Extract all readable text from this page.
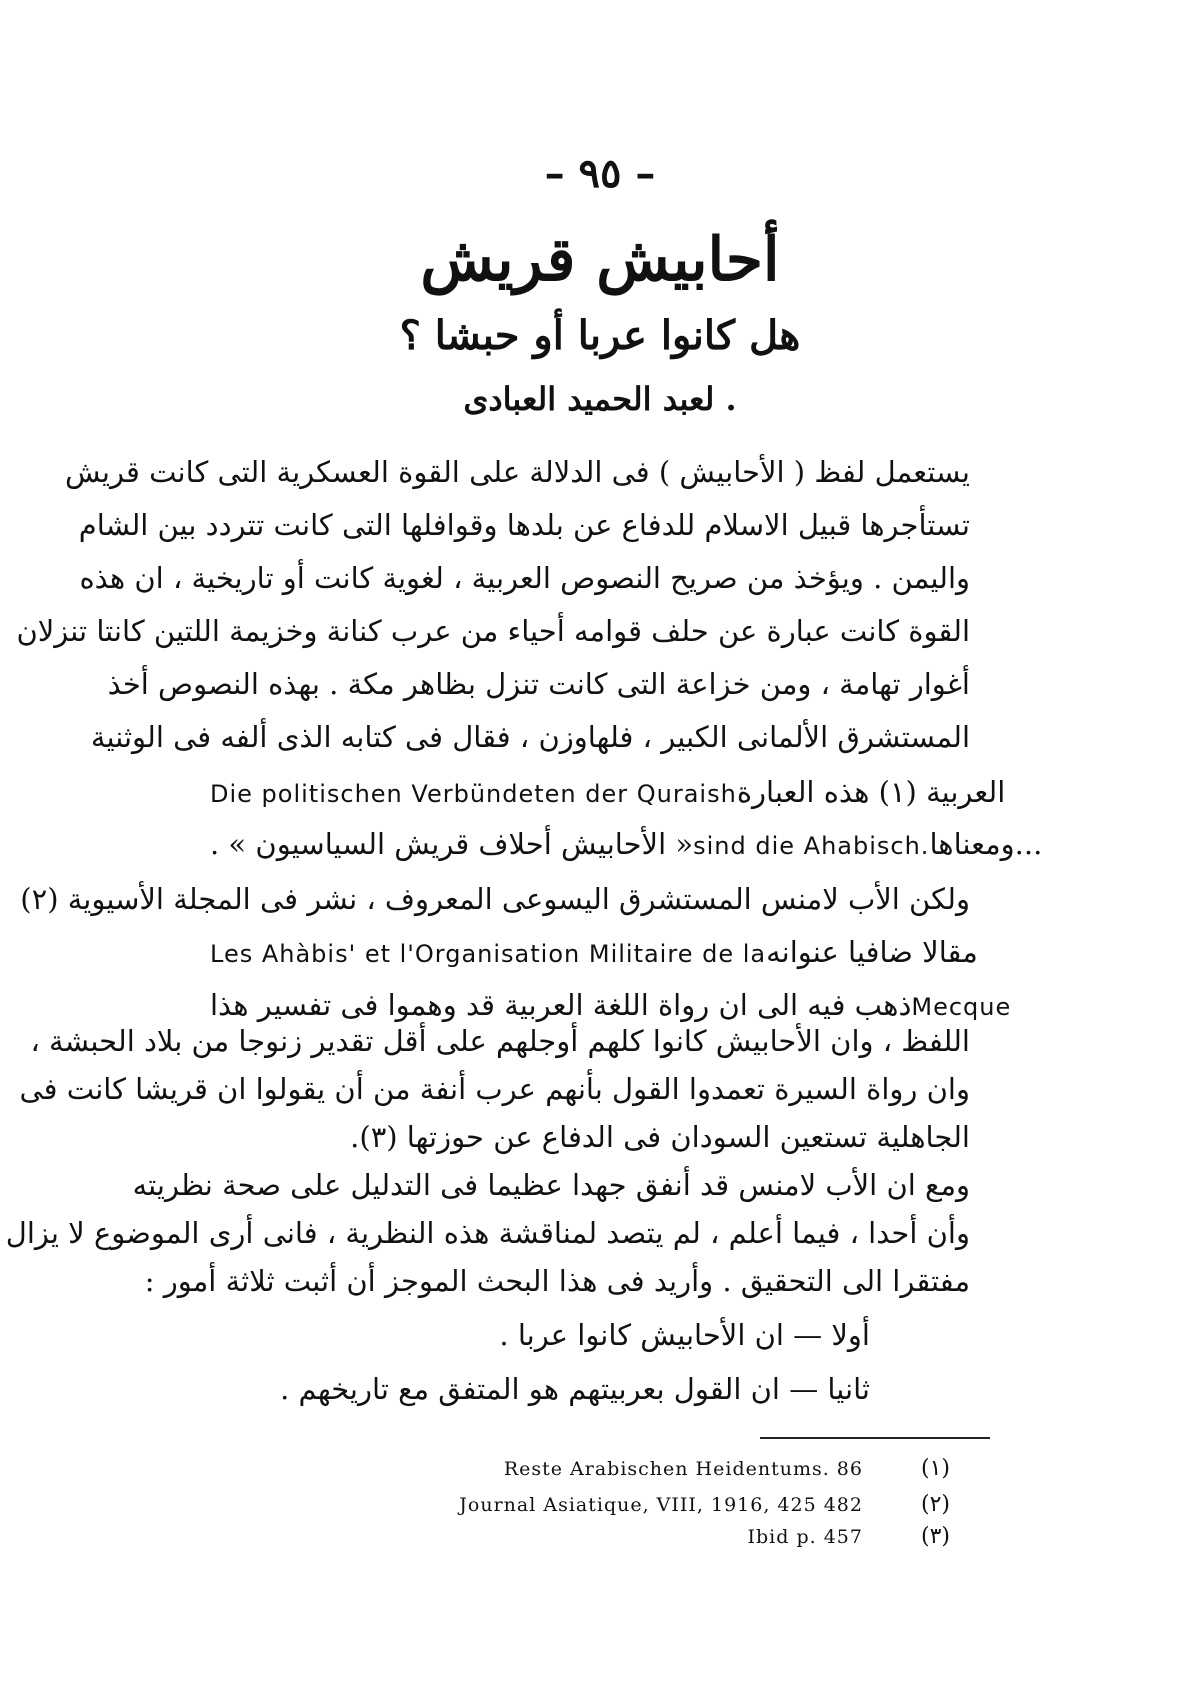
– ٩٥ –
أحابيش قريش
هل كانوا عربا أو حبشا ؟
. لعبد الحميد العبادى
يستعمل لفظ ( الأحابيش ) فى الدلالة على القوة العسكرية التى كانت قريش
تستأجرها قبيل الاسلام للدفاع عن بلدها وقوافلها التى كانت تتردد بين الشام
واليمن . ويؤخذ من صريح النصوص العربية ، لغوية كانت أو تاريخية ، ان هذه
القوة كانت عبارة عن حلف قوامه أحياء من عرب كنانة وخزيمة اللتين كانتا تنزلان
أغوار تهامة ، ومن خزاعة التى كانت تنزل بظاهر مكة . بهذه النصوص أخذ
المستشرق الألمانى الكبير ، فلهاوزن ، فقال فى كتابه الذى ألفه فى الوثنية
Die politischen Verbündeten der Quraish العربية (١) هذه العبارة
« الأحابيش أحلاف قريش السياسيون » . sind die Ahabisch. ...ومعناها
ولكن الأب لامنس المستشرق اليسوعى المعروف ، نشر فى المجلة الأسيوية (٢)
Les Ahàbis' et l'Organisation Militaire de la مقالا ضافيا عنوانه
ذهب فيه الى ان رواة اللغة العربية قد وهموا فى تفسير هذا Mecque
اللفظ ، وان الأحابيش كانوا كلهم أوجلهم على أقل تقدير زنوجا من بلاد الحبشة ،
وان رواة السيرة تعمدوا القول بأنهم عرب أنفة من أن يقولوا ان قريشا كانت فى
الجاهلية تستعين السودان فى الدفاع عن حوزتها (٣).
ومع ان الأب لامنس قد أنفق جهدا عظيما فى التدليل على صحة نظريته
وأن أحدا ، فيما أعلم ، لم يتصد لمناقشة هذه النظرية ، فانى أرى الموضوع لا يزال
مفتقرا الى التحقيق . وأريد فى هذا البحث الموجز أن أثبت ثلاثة أمور :
أولا — ان الأحابيش كانوا عربا .
ثانيا — ان القول بعربيتهم هو المتفق مع تاريخهم .
Reste Arabischen Heidentums. 86	(١)
Journal Asiatique, VIII, 1916, 425 482	(٢)
Ibid p. 457	(٣)
